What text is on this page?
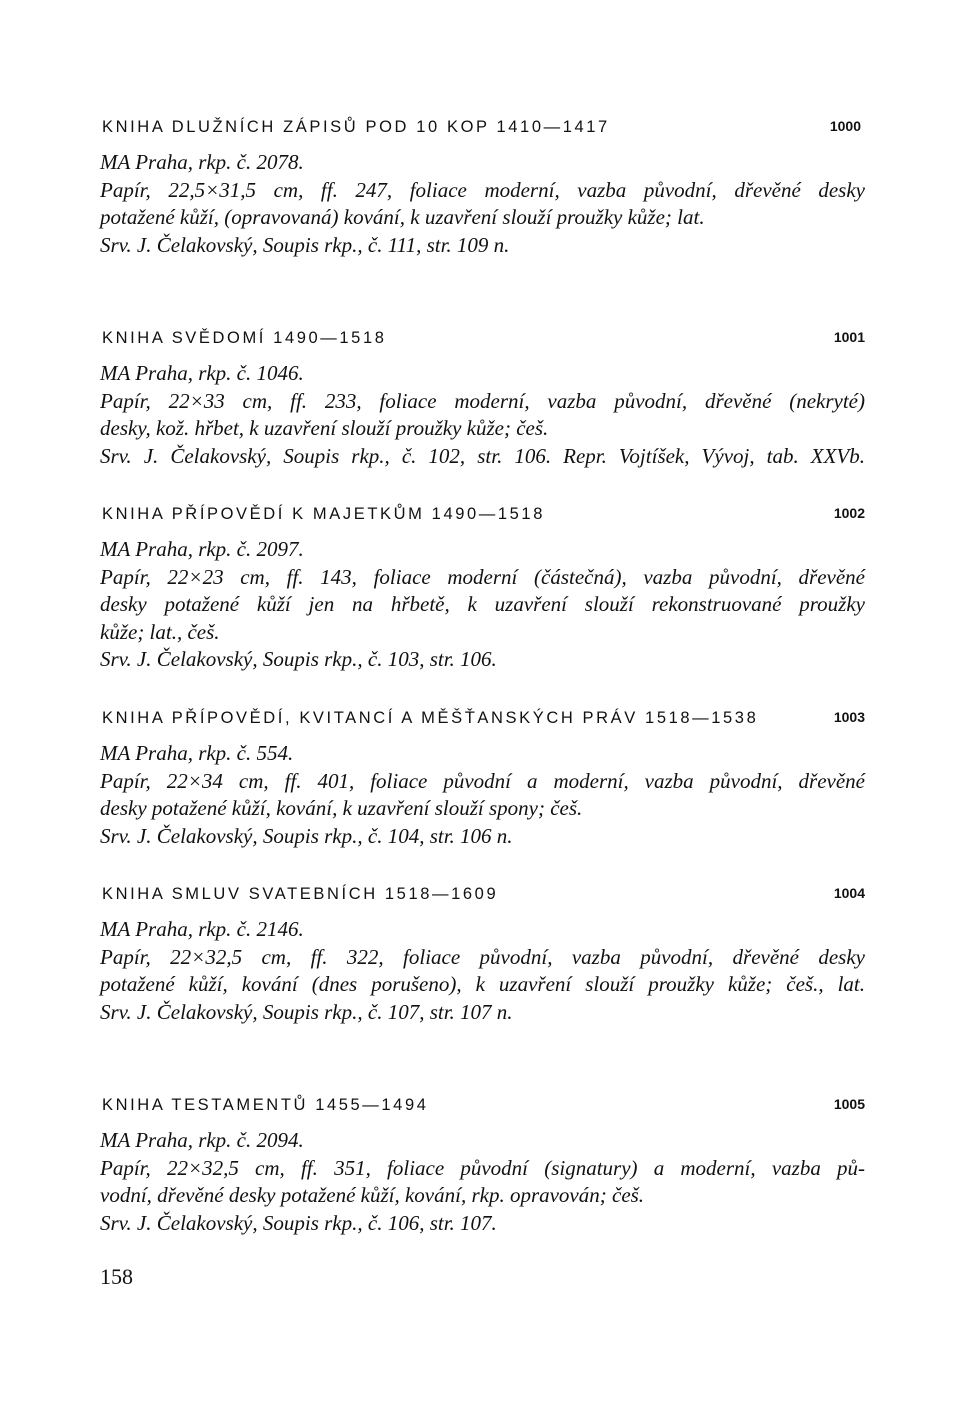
KNIHA DLUŽNÍCH ZÁPISŮ POD 10 KOP 1410—1417	1000
MA Praha, rkp. č. 2078.
Papír, 22,5×31,5 cm, ff. 247, foliace moderní, vazba původní, dřevěné desky
potažené kůží, (opravovaná) kování, k uzavření slouží proužky kůže; lat.
Srv. J. Čelakovský, Soupis rkp., č. 111, str. 109 n.
KNIHA SVĚDOMÍ 1490—1518	1001
MA Praha, rkp. č. 1046.
Papír, 22×33 cm, ff. 233, foliace moderní, vazba původní, dřevěné (nekryté)
desky, kož. hřbet, k uzavření slouží proužky kůže; češ.
Srv. J. Čelakovský, Soupis rkp., č. 102, str. 106. Repr. Vojtíšek, Vývoj, tab. XXVb.
KNIHA PŘÍPOVĚDÍ K MAJETKŮM 1490—1518	1002
MA Praha, rkp. č. 2097.
Papír, 22×23 cm, ff. 143, foliace moderní (částečná), vazba původní, dřevěné
desky potažené kůží jen na hřbetě, k uzavření slouží rekonstruované proužky
kůže; lat., češ.
Srv. J. Čelakovský, Soupis rkp., č. 103, str. 106.
KNIHA PŘÍPOVĚDÍ, KVITANCÍ A MĚŠŤANSKÝCH PRÁV 1518—1538	1003
MA Praha, rkp. č. 554.
Papír, 22×34 cm, ff. 401, foliace původní a moderní, vazba původní, dřevěné
desky potažené kůží, kování, k uzavření slouží spony; češ.
Srv. J. Čelakovský, Soupis rkp., č. 104, str. 106 n.
KNIHA SMLUV SVATEBNÍCH 1518—1609	1004
MA Praha, rkp. č. 2146.
Papír, 22×32,5 cm, ff. 322, foliace původní, vazba původní, dřevěné desky
potažené kůží, kování (dnes porušeno), k uzavření slouží proužky kůže; češ., lat.
Srv. J. Čelakovský, Soupis rkp., č. 107, str. 107 n.
KNIHA TESTAMENTŮ 1455—1494	1005
MA Praha, rkp. č. 2094.
Papír, 22×32,5 cm, ff. 351, foliace původní (signatury) a moderní, vazba pů-
vodní, dřevěné desky potažené kůží, kování, rkp. opravován; češ.
Srv. J. Čelakovský, Soupis rkp., č. 106, str. 107.
158
